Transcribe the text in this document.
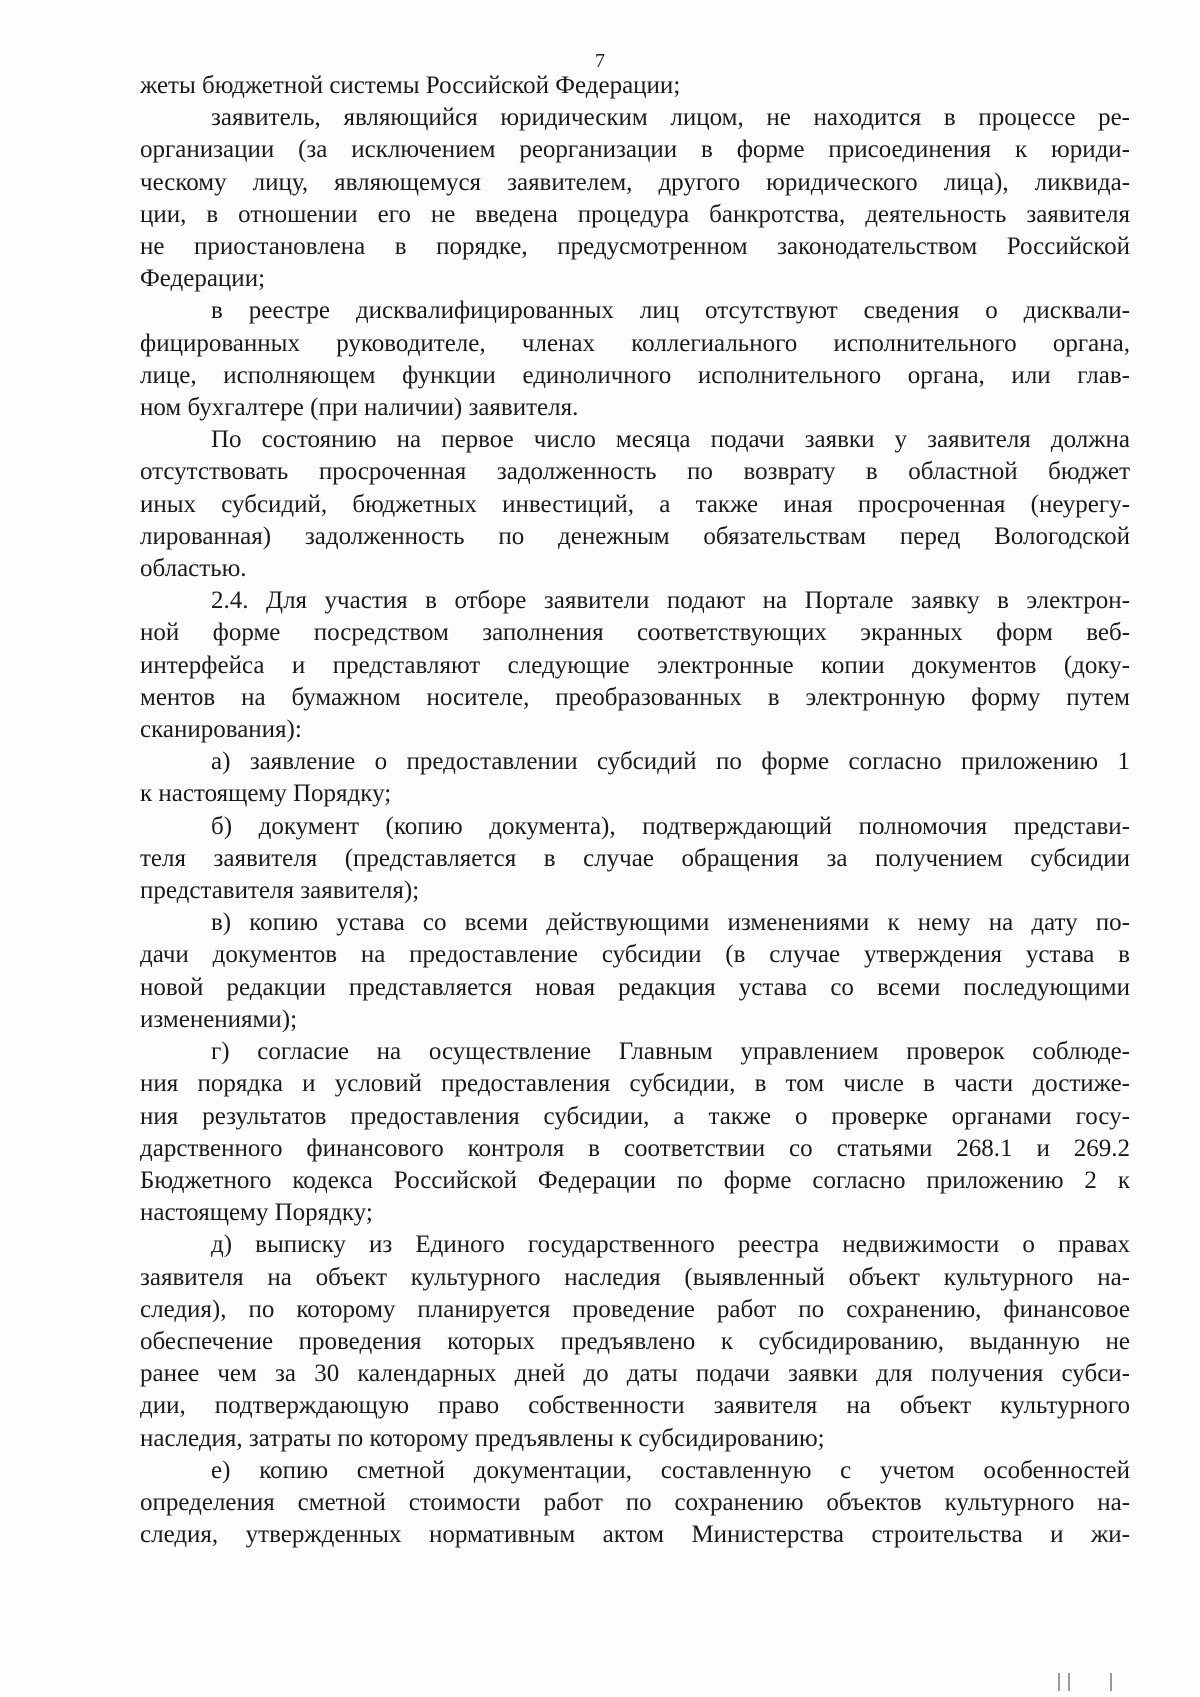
7

жеты бюджетной системы Российской Федерации;

заявитель, являющийся юридическим лицом, не находится в процессе ре-

организации (за исключением реорганизации в форме присоединения к юриди-

ческому лицу, являющемуся заявителем, другого юридического лица), ликвида-

ции, в отношении его не введена процедура банкротства, деятельность заявителя

не приостановлена в порядке, предусмотренном законодательством Российской

Федерации;

в реестре дисквалифицированных лиц отсутствуют сведения о дисквали-

фицированных руководителе, членах коллегиального исполнительного органа,

лице, исполняющем функции единоличного исполнительного органа, или глав-

ном бухгалтере (при наличии) заявителя.

По состоянию на первое число месяца подачи заявки у заявителя должна

отсутствовать просроченная задолженность по возврату в областной бюджет

иных субсидий, бюджетных инвестиций, а также иная просроченная (неурегу-

лированная) задолженность по денежным обязательствам перед Вологодской

областью.

2.4. Для участия в отборе заявители подают на Портале заявку в электрон-

ной форме посредством заполнения соответствующих экранных форм веб-

интерфейса и представляют следующие электронные копии документов (доку-

ментов на бумажном носителе, преобразованных в электронную форму путем

сканирования):

а) заявление о предоставлении субсидий по форме согласно приложению 1

к настоящему Порядку;

б) документ (копию документа), подтверждающий полномочия представи-

теля заявителя (представляется в случае обращения за получением субсидии

представителя заявителя);

в) копию устава со всеми действующими изменениями к нему на дату по-

дачи документов на предоставление субсидии (в случае утверждения устава в

новой редакции представляется новая редакция устава со всеми последующими

изменениями);

г) согласие на осуществление Главным управлением проверок соблюде-

ния порядка и условий предоставления субсидии, в том числе в части достиже-

ния результатов предоставления субсидии, а также о проверке органами госу-

дарственного финансового контроля в соответствии со статьями 268.1 и 269.2

Бюджетного кодекса Российской Федерации по форме согласно приложению 2 к

настоящему Порядку;

д) выписку из Единого государственного реестра недвижимости о правах

заявителя на объект культурного наследия (выявленный объект культурного на-

следия), по которому планируется проведение работ по сохранению, финансовое

обеспечение проведения которых предъявлено к субсидированию, выданную не

ранее чем за 30 календарных дней до даты подачи заявки для получения субси-

дии, подтверждающую право собственности заявителя на объект культурного

наследия, затраты по которому предъявлены к субсидированию;

е) копию сметной документации, составленную с учетом особенностей

определения сметной стоимости работ по сохранению объектов культурного на-

следия, утвержденных нормативным актом Министерства строительства и жи-
